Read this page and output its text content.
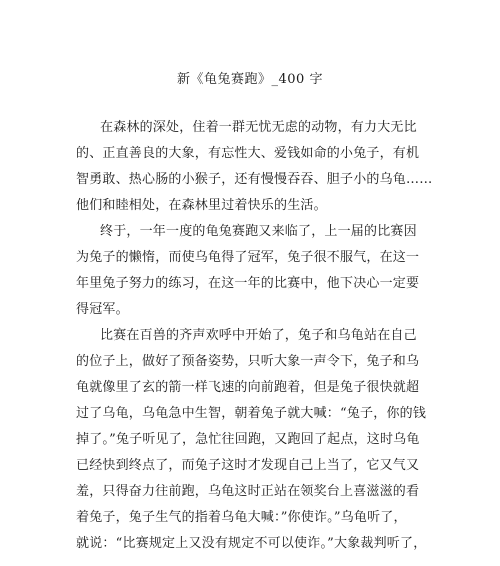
新《龟兔赛跑》_400 字
在森林的深处，住着一群无忧无虑的动物，有力大无比
的、正直善良的大象，有忘性大、爱钱如命的小兔子，有机
智勇敢、热心肠的小猴子，还有慢慢吞吞、胆子小的乌龟……
他们和睦相处，在森林里过着快乐的生活。
终于，一年一度的龟兔赛跑又来临了，上一届的比赛因
为兔子的懒惰，而使乌龟得了冠军，兔子很不服气，在这一
年里兔子努力的练习，在这一年的比赛中，他下决心一定要
得冠军。
比赛在百兽的齐声欢呼中开始了，兔子和乌龟站在自己
的位子上，做好了预备姿势，只听大象一声令下，兔子和乌
龟就像里了玄的箭一样飞速的向前跑着，但是兔子很快就超
过了乌龟，乌龟急中生智，朝着兔子就大喊：“兔子，你的钱
掉了。”兔子听见了，急忙往回跑，又跑回了起点，这时乌龟
已经快到终点了，而兔子这时才发现自己上当了，它又气又
羞，只得奋力往前跑，乌龟这时正站在领奖台上喜滋滋的看
着兔子，兔子生气的指着乌龟大喊：”你使诈。”乌龟听了，
就说：“比赛规定上又没有规定不可以使诈。”大象裁判听了，
